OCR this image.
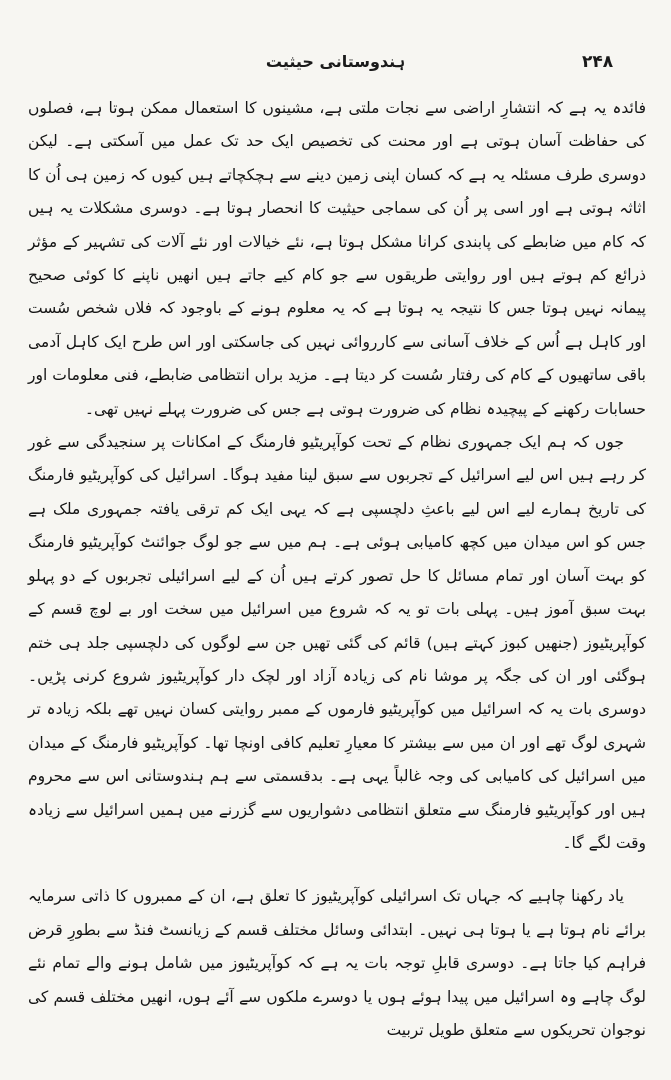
۲۴۸
ہندوستانی حیثیت

فائدہ یہ ہے کہ انتشارِ اراضی سے نجات ملتی ہے، مشینوں کا استعمال ممکن ہوتا ہے، فصلوں کی حفاظت آسان ہوتی ہے اور محنت کی تخصیص ایک حد تک عمل میں آسکتی ہے۔ لیکن دوسری طرف مسئلہ یہ ہے کہ کسان اپنی زمین دینے سے ہچکچاتے ہیں کیوں کہ زمین ہی اُن کا اثاثہ ہوتی ہے اور اسی پر اُن کی سماجی حیثیت کا انحصار ہوتا ہے۔ دوسری مشکلات یہ ہیں کہ کام میں ضابطے کی پابندی کرانا مشکل ہوتا ہے، نئے خیالات اور نئے آلات کی تشہیر کے مؤثر ذرائع کم ہوتے ہیں اور روایتی طریقوں سے جو کام کیے جاتے ہیں انھیں ناپنے کا کوئی صحیح پیمانہ نہیں ہوتا جس کا نتیجہ یہ ہوتا ہے کہ یہ معلوم ہونے کے باوجود کہ فلاں شخص سُست اور کاہل ہے اُس کے خلاف آسانی سے کارروائی نہیں کی جاسکتی اور اس طرح ایک کاہل آدمی باقی ساتھیوں کے کام کی رفتار سُست کر دیتا ہے۔ مزید براں انتظامی ضابطے، فنی معلومات اور حسابات رکھنے کے پیچیدہ نظام کی ضرورت ہوتی ہے جس کی ضرورت پہلے نہیں تھی۔

جوں کہ ہم ایک جمہوری نظام کے تحت کوآپریٹیو فارمنگ کے امکانات پر سنجیدگی سے غور کر رہے ہیں اس لیے اسرائیل کے تجربوں سے سبق لینا مفید ہوگا۔ اسرائیل کی کوآپریٹیو فارمنگ کی تاریخ ہمارے لیے اس لیے باعثِ دلچسپی ہے کہ یہی ایک کم ترقی یافتہ جمہوری ملک ہے جس کو اس میدان میں کچھ کامیابی ہوئی ہے۔ ہم میں سے جو لوگ جوائنٹ کوآپریٹیو فارمنگ کو بہت آسان اور تمام مسائل کا حل تصور کرتے ہیں اُن کے لیے اسرائیلی تجربوں کے دو پہلو بہت سبق آموز ہیں۔ پہلی بات تو یہ کہ شروع میں اسرائیل میں سخت اور بے لوچ قسم کے کوآپریٹیوز (جنھیں کبوز کہتے ہیں) قائم کی گئی تھیں جن سے لوگوں کی دلچسپی جلد ہی ختم ہوگئی اور ان کی جگہ پر موشا نام کی زیادہ آزاد اور لچک دار کوآپریٹیوز شروع کرنی پڑیں۔ دوسری بات یہ کہ اسرائیل میں کوآپریٹیو فارموں کے ممبر روایتی کسان نہیں تھے بلکہ زیادہ تر شہری لوگ تھے اور ان میں سے بیشتر کا معیارِ تعلیم کافی اونچا تھا۔ کوآپریٹیو فارمنگ کے میدان میں اسرائیل کی کامیابی کی وجہ غالباً یہی ہے۔ بدقسمتی سے ہم ہندوستانی اس سے محروم ہیں اور کوآپریٹیو فارمنگ سے متعلق انتظامی دشواریوں سے گزرنے میں ہمیں اسرائیل سے زیادہ وقت لگے گا۔

یاد رکھنا چاہیے کہ جہاں تک اسرائیلی کوآپریٹیوز کا تعلق ہے، ان کے ممبروں کا ذاتی سرمایہ برائے نام ہوتا ہے یا ہوتا ہی نہیں۔ ابتدائی وسائل مختلف قسم کے زیانسٹ فنڈ سے بطورِ قرض فراہم کیا جاتا ہے۔ دوسری قابلِ توجہ بات یہ ہے کہ کوآپریٹیوز میں شامل ہونے والے تمام نئے لوگ چاہے وہ اسرائیل میں پیدا ہوئے ہوں یا دوسرے ملکوں سے آئے ہوں، انھیں مختلف قسم کی نوجوان تحریکوں سے متعلق طویل تربیت
